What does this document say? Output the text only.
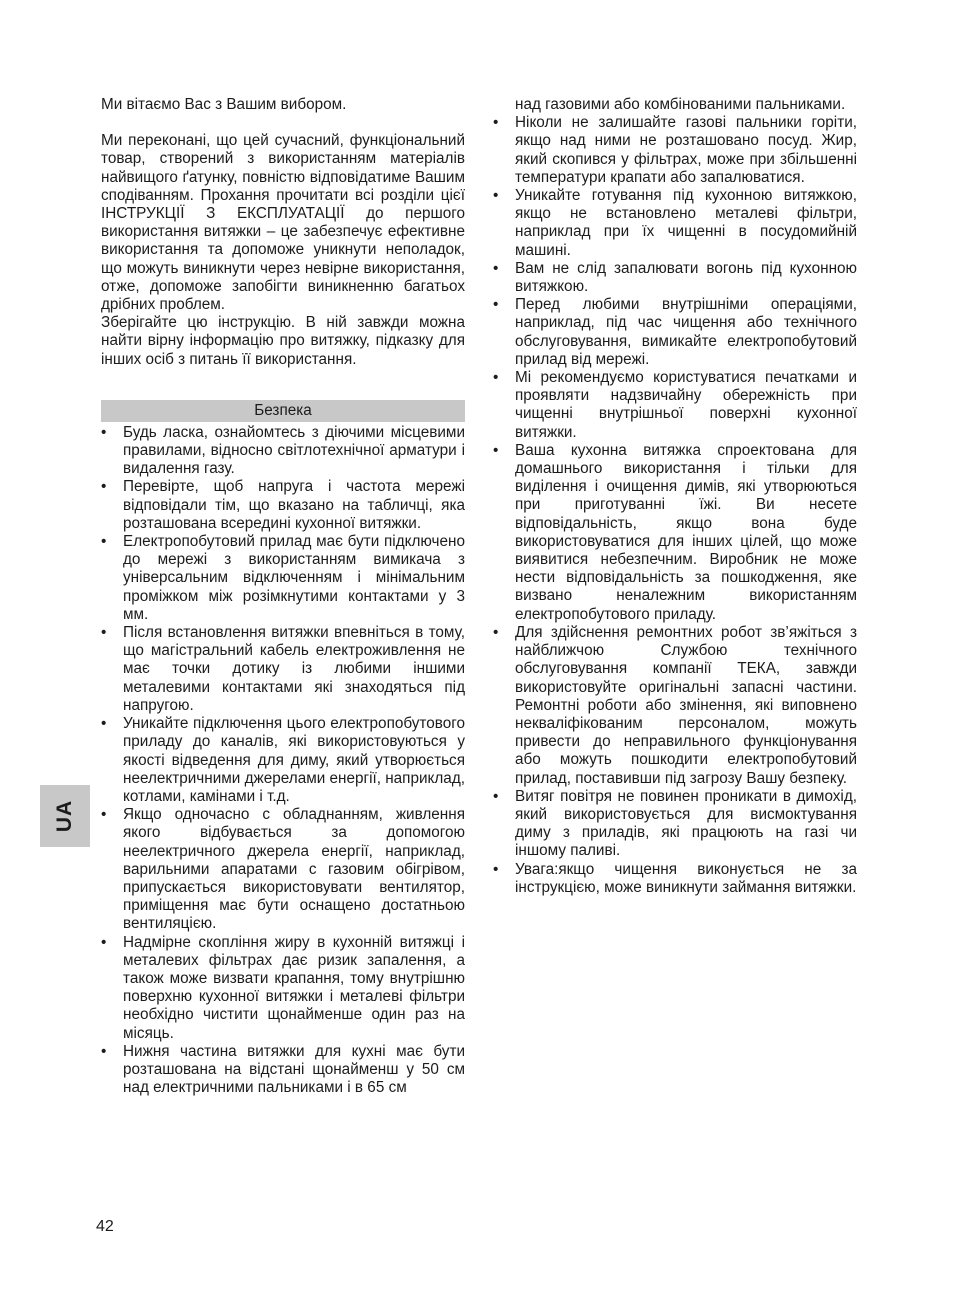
Ми вітаємо Вас з Вашим вибором.

Ми переконані, що цей сучасний, функціональний товар, створений з використанням матеріалів найвищого ґатунку, повністю відповідатиме Вашим сподіванням. Прохання прочитати всі розділи цієї ІНСТРУКЦІЇ З ЕКСПЛУАТАЦІЇ до першого використання витяжки – це забезпечує ефективне використання та допоможе уникнути неполадок, що можуть виникнути через невірне використання, отже, допоможе запобігти виникненню багатьох дрібних проблем.

Зберігайте цю інструкцію. В ній завжди можна найти вірну інформацію про витяжку, підказку для інших осіб з питань її використання.

Безпека
• Будь ласка, ознайомтесь з діючими місцевими правилами, відносно світлотехнічної арматури і видалення газу.
• Перевірте, щоб напруга і частота мережі відповідали тім, що вказано на табличці, яка розташована всередині кухонної витяжки.
• Електропобутовий прилад має бути підключено до мережі з використанням вимикача з універсальним відключенням і мінімальним проміжком між розімкнутими контактами у 3 мм.
• Після встановлення витяжки впевніться в тому, що магістральний кабель електроживлення не має точки дотику із любими іншими металевими контактами які знаходяться під напругою.
• Уникайте підключення цього електропобутового приладу до каналів, які використовуються у якості відведення для диму, який утворюється неелектричними джерелами енергії, наприклад, котлами, камінами і т.д.
• Якщо одночасно с обладнанням, живлення якого відбувається за допомогою неелектричного джерела енергії, наприклад, варильними апаратами с газовим обігрівом, припускається використовувати вентилятор, приміщення має бути оснащено достатньою вентиляцією.
• Надмірне скопління жиру в кухонній витяжці і металевих фільтрах дає ризик запалення, а також може визвати крапання, тому внутрішню поверхню кухонної витяжки і металеві фільтри необхідно чистити щонайменше один раз на місяць.
• Нижня частина витяжки для кухні має бути розташована на відстані щонайменш у 50 см над електричними пальниками і в 65 см
над газовими або комбінованими пальниками.
• Ніколи не залишайте газові пальники горіти, якщо над ними не розташовано посуд. Жир, який скопився у фільтрах, може при збільшенні температури крапати або запалюватися.
• Уникайте готування під кухонною витяжкою, якщо не встановлено металеві фільтри, наприклад при їх чищенні в посудомийній машині.
• Вам не слід запалювати вогонь під кухонною витяжкою.
• Перед любими внутрішніми операціями, наприклад, під час чищення або технічного обслуговування, вимикайте електропобутовий прилад від мережі.
• Мі рекомендуємо користуватися печатками и проявляти надзвичайну обережність при чищенні внутрішньої поверхні кухонної витяжки.
• Ваша кухонна витяжка спроектована для домашнього використання і тільки для виділення і очищення димів, які утворюються при приготуванні їжі. Ви несете відповідальність, якщо вона буде використовуватися для інших цілей, що може виявитися небезпечним. Виробник не може нести відповідальність за пошкодження, яке визвано неналежним використанням електропобутового приладу.
• Для здійснення ремонтних робот зв’яжіться з найближчою Службою технічного обслуговування компанії ТЕКА, завжди використовуйте оригінальні запасні частини. Ремонтні роботи або змінення, які виповнено некваліфікованим персоналом, можуть привести до неправильного функціонування або можуть пошкодити електропобутовий прилад, поставивши під загрозу Вашу безпеку.
• Витяг повітря не повинен проникати в димохід, який використовується для висмоктування диму з приладів, які працюють на газі чи іншому паливі.
• Увага:якщо чищення виконується не за інструкцією, може виникнути займання витяжки.
UA
42
